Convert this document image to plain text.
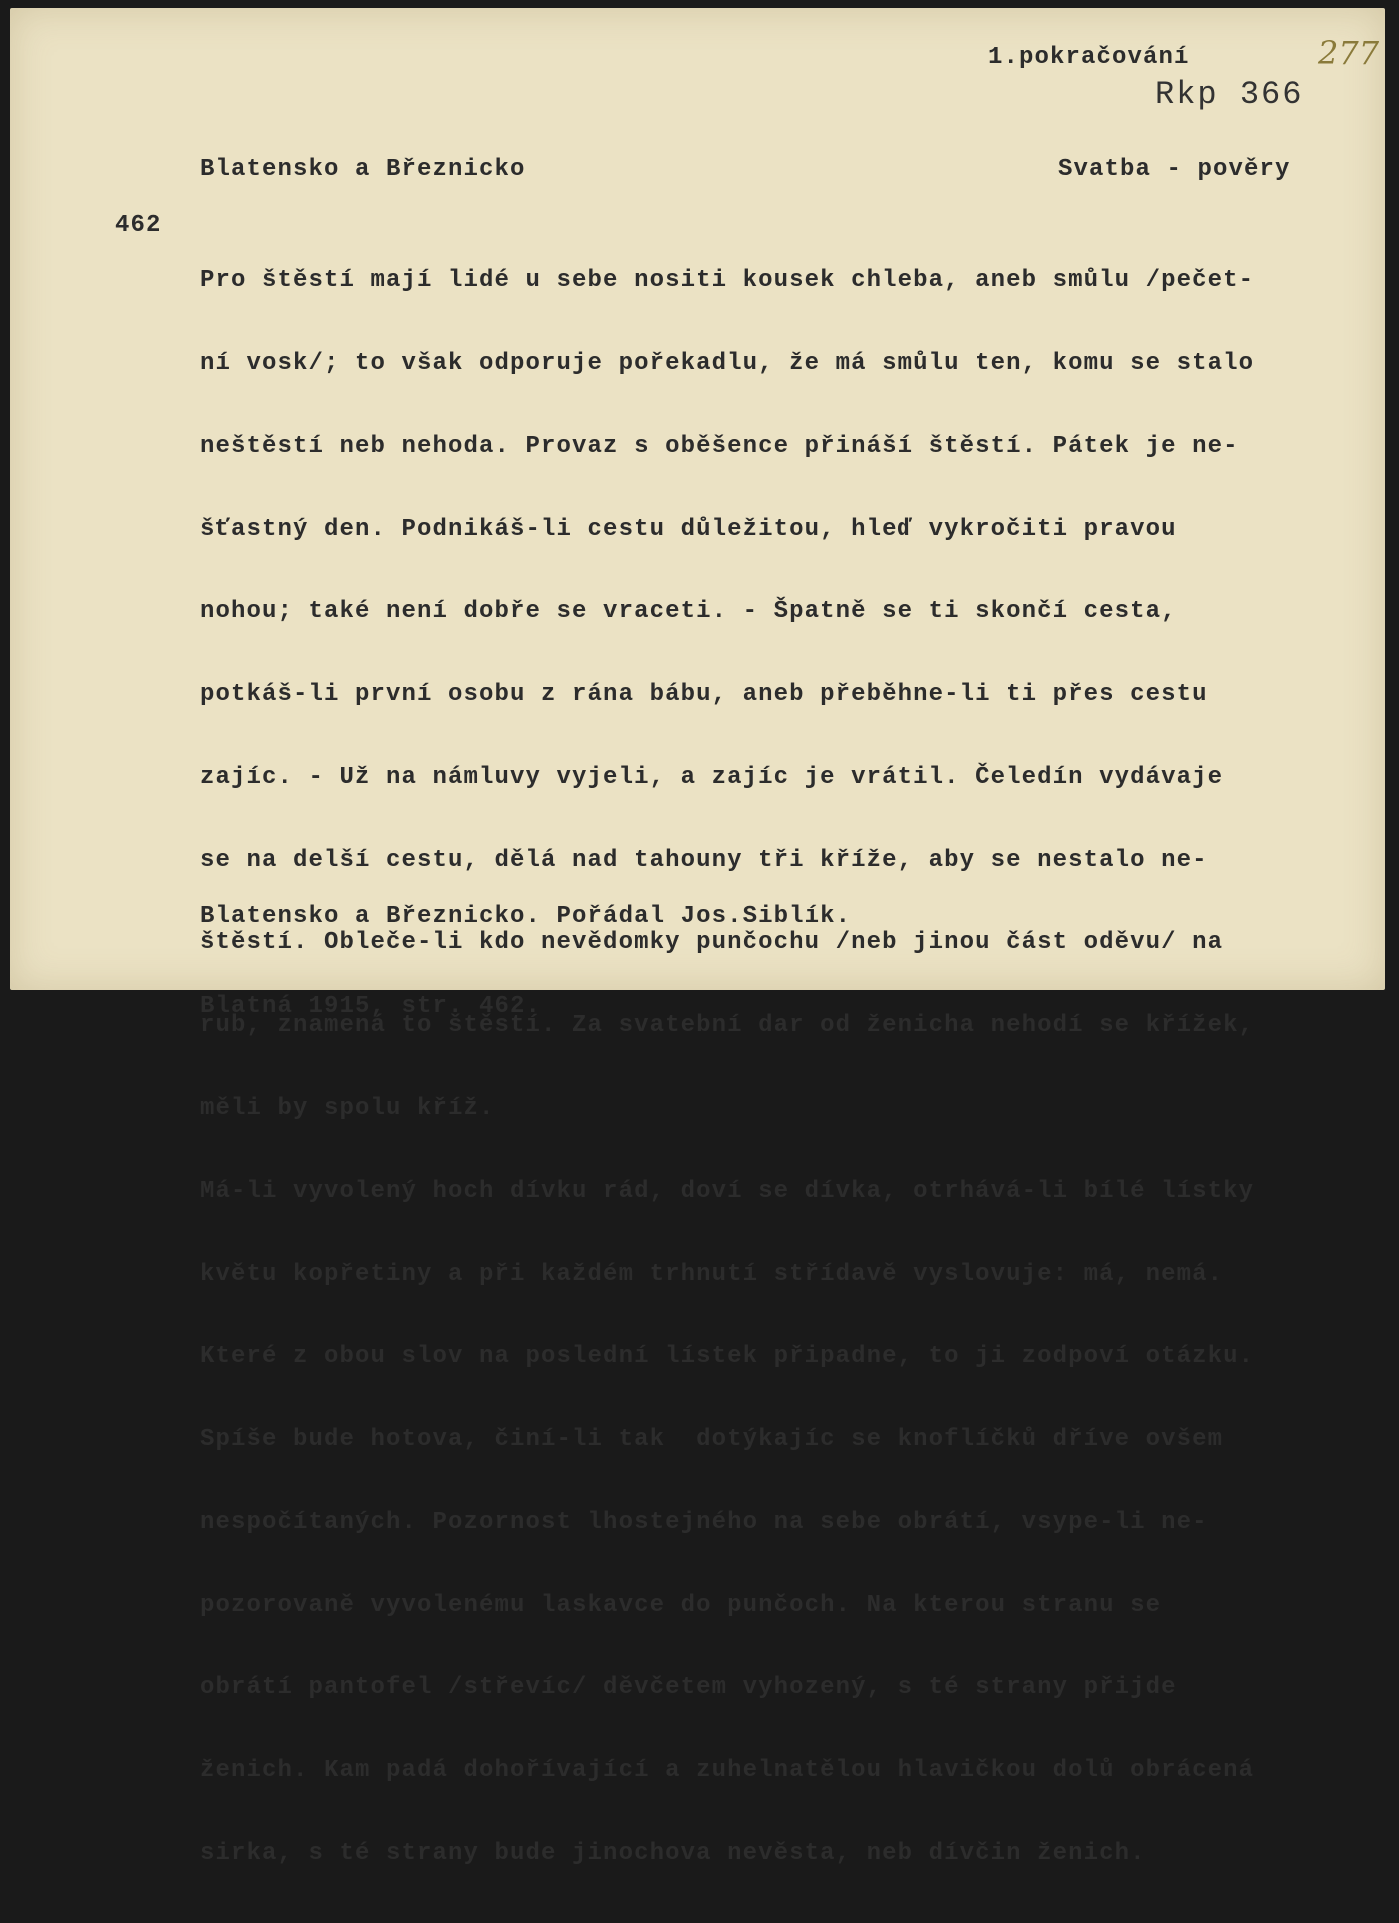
1.pokračování	277

Rkp 366

Blatensko a Březnicko	Svatba - pověry

462

Pro štěstí mají lidé u sebe nositi kousek chleba, aneb smůlu /pečet-

ní vosk/; to však odporuje pořekadlu, že má smůlu ten, komu se stalo

neštěstí neb nehoda. Provaz s oběšence přináší štěstí. Pátek je ne-

šťastný den. Podnikáš-li cestu důležitou, hleď vykročiti pravou

nohou; také není dobře se vraceti. - Špatně se ti skončí cesta,

potkáš-li první osobu z rána bábu, aneb přeběhne-li ti přes cestu

zajíc. - Už na námluvy vyjeli, a zajíc je vrátil. Čeledín vydávaje

se na delší cestu, dělá nad tahouny tři kříže, aby se nestalo ne-

štěstí. Obleče-li kdo nevědomky punčochu /neb jinou část oděvu/ na

rub, znamená to štěstí. Za svatební dar od ženicha nehodí se křížek,

měli by spolu kříž.

Má-li vyvolený hoch dívku rád, doví se dívka, otrhává-li bílé lístky

květu kopřetiny a při každém trhnutí střídavě vyslovuje: má, nemá.

Které z obou slov na poslední lístek připadne, to ji zodpoví otázku.

Spíše bude hotova, činí-li tak  dotýkajíc se knoflíčků dříve ovšem

nespočítaných. Pozornost lhostejného na sebe obrátí, vsype-li ne-

pozorovaně vyvolenému laskavce do punčoch. Na kterou stranu se

obrátí pantofel /střevíc/ děvčetem vyhozený, s té strany přijde

ženich. Kam padá dohořívající a zuhelnatělou hlavičkou dolů obrácená

sirka, s té strany bude jinochova nevěsta, neb dívčin ženich.

Blatensko a Březnicko. Pořádal Jos.Siblík.

Blatná 1915, str. 462.
